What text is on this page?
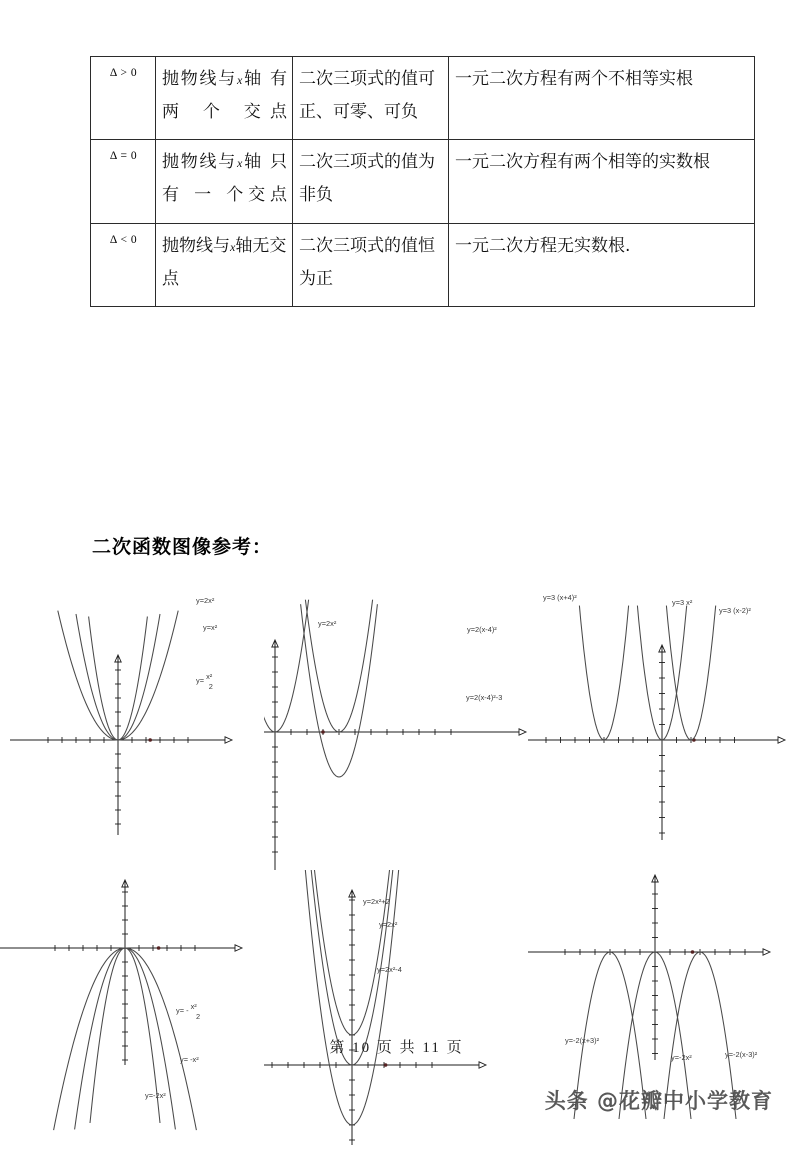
Δ > 0	抛物线与x轴 有 两 个 交点	二次三项式的值可正、可零、可负	一元二次方程有两个不相等实根

Δ = 0	抛物线与x轴 只 有 一 个交点	二次三项式的值为非负	一元二次方程有两个相等的实数根

Δ < 0	抛物线与x轴无交点	二次三项式的值恒为正	一元二次方程无实数根.
二次函数图像参考：
y=2x²
y=x²
y= x² 2
y=2x²
y=2(x-4)²
y=2(x-4)²-3
y=3 (x+4)²
y=3 x²
y=3 (x-2)²
y= - x²2
y= -x²
y=-2x²
y=2x²+2
y=2x²
y=2x²-4
y=-2(x+3)²
y=-2x²	y=-2(x-3)²
第 10 页 共 11 页
头条 @花瓣中小学教育
